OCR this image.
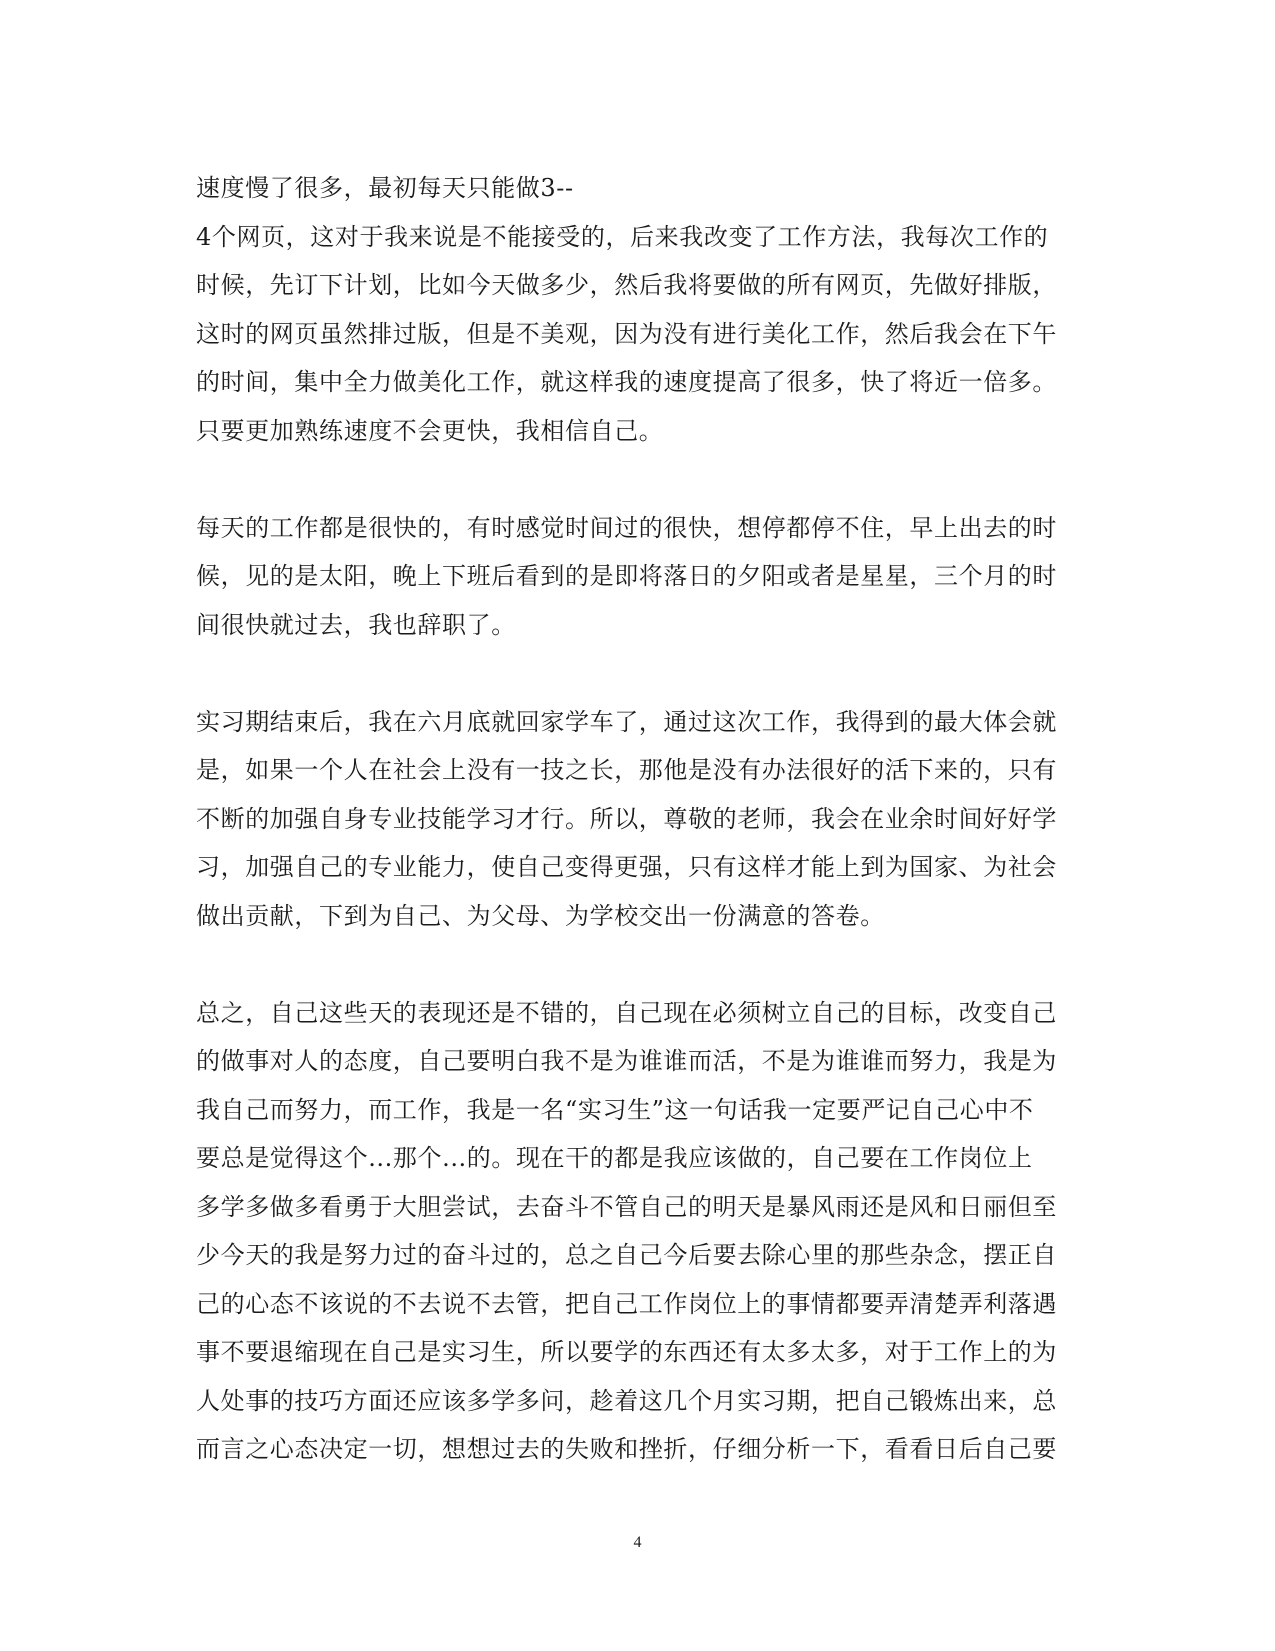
速度慢了很多，最初每天只能做3--
4个网页，这对于我来说是不能接受的，后来我改变了工作方法，我每次工作的
时候，先订下计划，比如今天做多少，然后我将要做的所有网页，先做好排版，
这时的网页虽然排过版，但是不美观，因为没有进行美化工作，然后我会在下午
的时间，集中全力做美化工作，就这样我的速度提高了很多，快了将近一倍多。
只要更加熟练速度不会更快，我相信自己。
每天的工作都是很快的，有时感觉时间过的很快，想停都停不住，早上出去的时
候，见的是太阳，晚上下班后看到的是即将落日的夕阳或者是星星，三个月的时
间很快就过去，我也辞职了。
实习期结束后，我在六月底就回家学车了，通过这次工作，我得到的最大体会就
是，如果一个人在社会上没有一技之长，那他是没有办法很好的活下来的，只有
不断的加强自身专业技能学习才行。所以，尊敬的老师，我会在业余时间好好学
习，加强自己的专业能力，使自己变得更强，只有这样才能上到为国家、为社会
做出贡献，下到为自己、为父母、为学校交出一份满意的答卷。
总之，自己这些天的表现还是不错的，自己现在必须树立自己的目标，改变自己
的做事对人的态度，自己要明白我不是为谁谁而活，不是为谁谁而努力，我是为
我自己而努力，而工作，我是一名“实习生”这一句话我一定要严记自己心中不
要总是觉得这个...那个...的。现在干的都是我应该做的，自己要在工作岗位上
多学多做多看勇于大胆尝试，去奋斗不管自己的明天是暴风雨还是风和日丽但至
少今天的我是努力过的奋斗过的，总之自己今后要去除心里的那些杂念，摆正自
己的心态不该说的不去说不去管，把自己工作岗位上的事情都要弄清楚弄利落遇
事不要退缩现在自己是实习生，所以要学的东西还有太多太多，对于工作上的为
人处事的技巧方面还应该多学多问，趁着这几个月实习期，把自己锻炼出来，总
而言之心态决定一切，想想过去的失败和挫折，仔细分析一下，看看日后自己要
4
